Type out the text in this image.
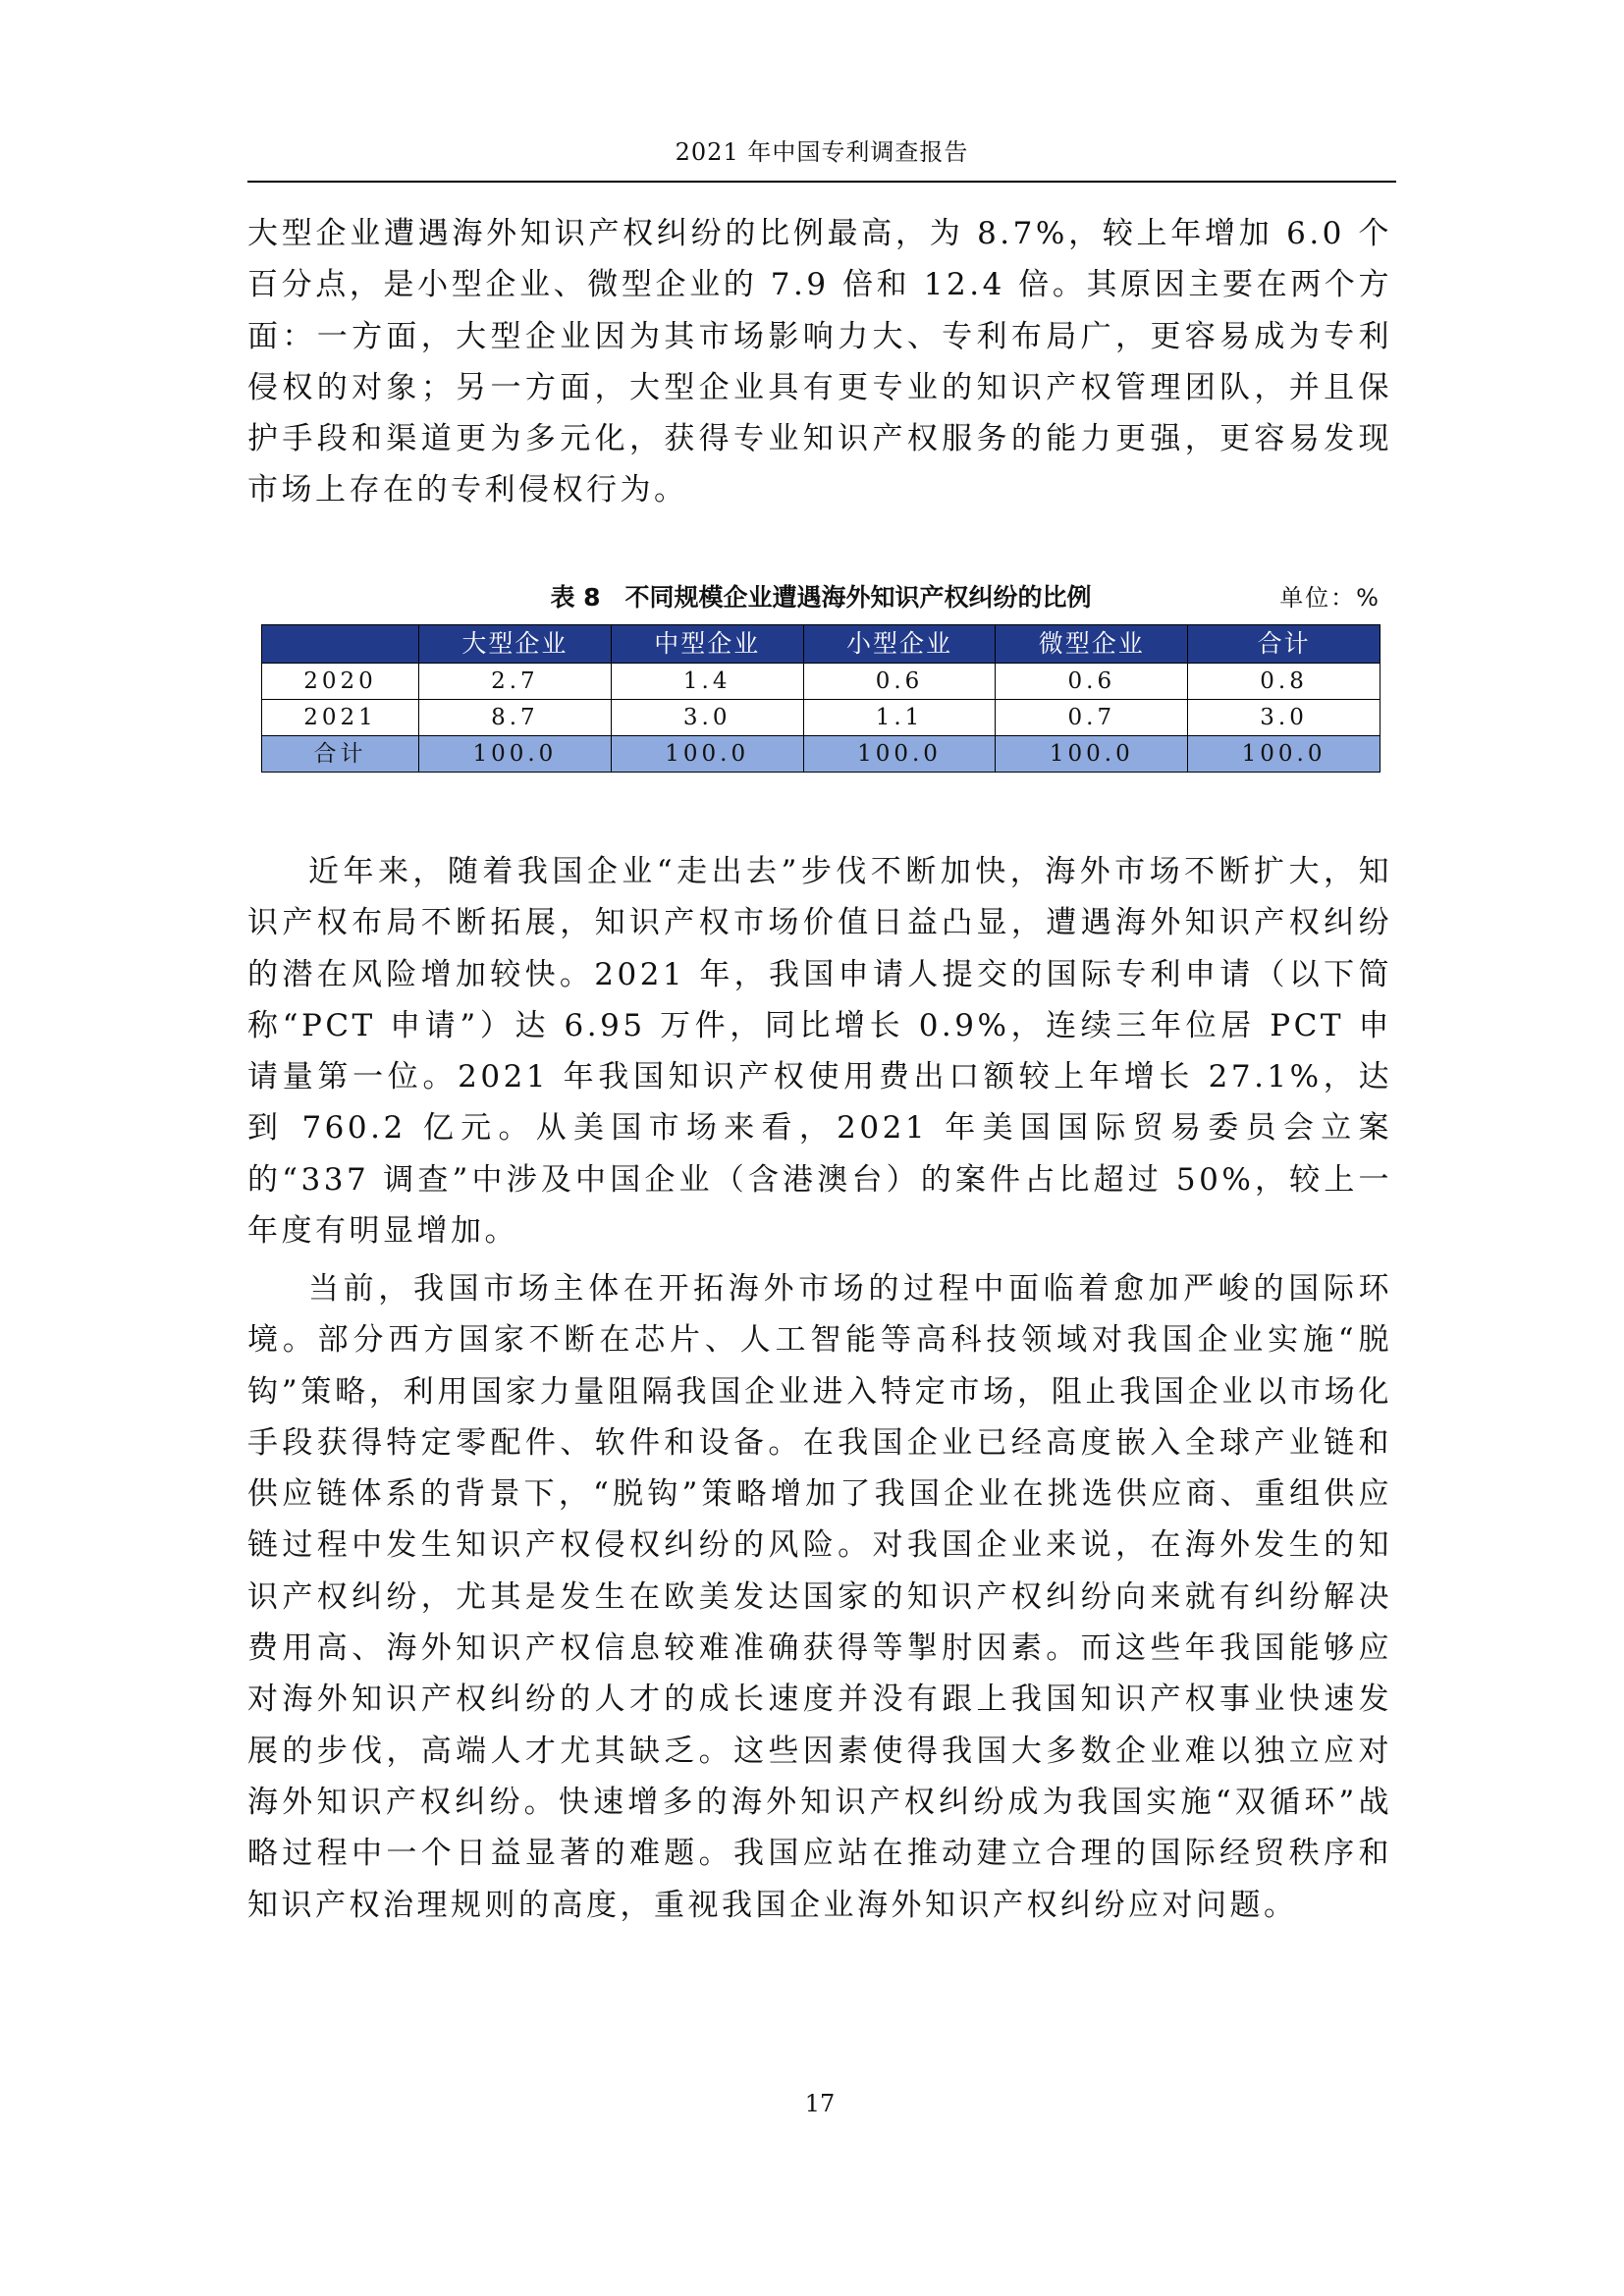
2021 年中国专利调查报告

大型企业遭遇海外知识产权纠纷的比例最高，为 8.7%，较上年增加 6.0 个百分点，是小型企业、微型企业的 7.9 倍和 12.4 倍。其原因主要在两个方面：一方面，大型企业因为其市场影响力大、专利布局广，更容易成为专利侵权的对象；另一方面，大型企业具有更专业的知识产权管理团队，并且保护手段和渠道更为多元化，获得专业知识产权服务的能力更强，更容易发现市场上存在的专利侵权行为。

表 8　不同规模企业遭遇海外知识产权纠纷的比例	单位：%
	大型企业	中型企业	小型企业	微型企业	合计
2020	2.7	1.4	0.6	0.6	0.8
2021	8.7	3.0	1.1	0.7	3.0
合计	100.0	100.0	100.0	100.0	100.0

近年来，随着我国企业“走出去”步伐不断加快，海外市场不断扩大，知识产权布局不断拓展，知识产权市场价值日益凸显，遭遇海外知识产权纠纷的潜在风险增加较快。2021 年，我国申请人提交的国际专利申请（以下简称“PCT 申请”）达 6.95 万件，同比增长 0.9%，连续三年位居 PCT 申请量第一位。2021 年我国知识产权使用费出口额较上年增长 27.1%，达到 760.2 亿元。从美国市场来看，2021 年美国国际贸易委员会立案的“337 调查”中涉及中国企业（含港澳台）的案件占比超过 50%，较上一年度有明显增加。

当前，我国市场主体在开拓海外市场的过程中面临着愈加严峻的国际环境。部分西方国家不断在芯片、人工智能等高科技领域对我国企业实施“脱钩”策略，利用国家力量阻隔我国企业进入特定市场，阻止我国企业以市场化手段获得特定零配件、软件和设备。在我国企业已经高度嵌入全球产业链和供应链体系的背景下，“脱钩”策略增加了我国企业在挑选供应商、重组供应链过程中发生知识产权侵权纠纷的风险。对我国企业来说，在海外发生的知识产权纠纷，尤其是发生在欧美发达国家的知识产权纠纷向来就有纠纷解决费用高、海外知识产权信息较难准确获得等掣肘因素。而这些年我国能够应对海外知识产权纠纷的人才的成长速度并没有跟上我国知识产权事业快速发展的步伐，高端人才尤其缺乏。这些因素使得我国大多数企业难以独立应对海外知识产权纠纷。快速增多的海外知识产权纠纷成为我国实施“双循环”战略过程中一个日益显著的难题。我国应站在推动建立合理的国际经贸秩序和知识产权治理规则的高度，重视我国企业海外知识产权纠纷应对问题。

17
